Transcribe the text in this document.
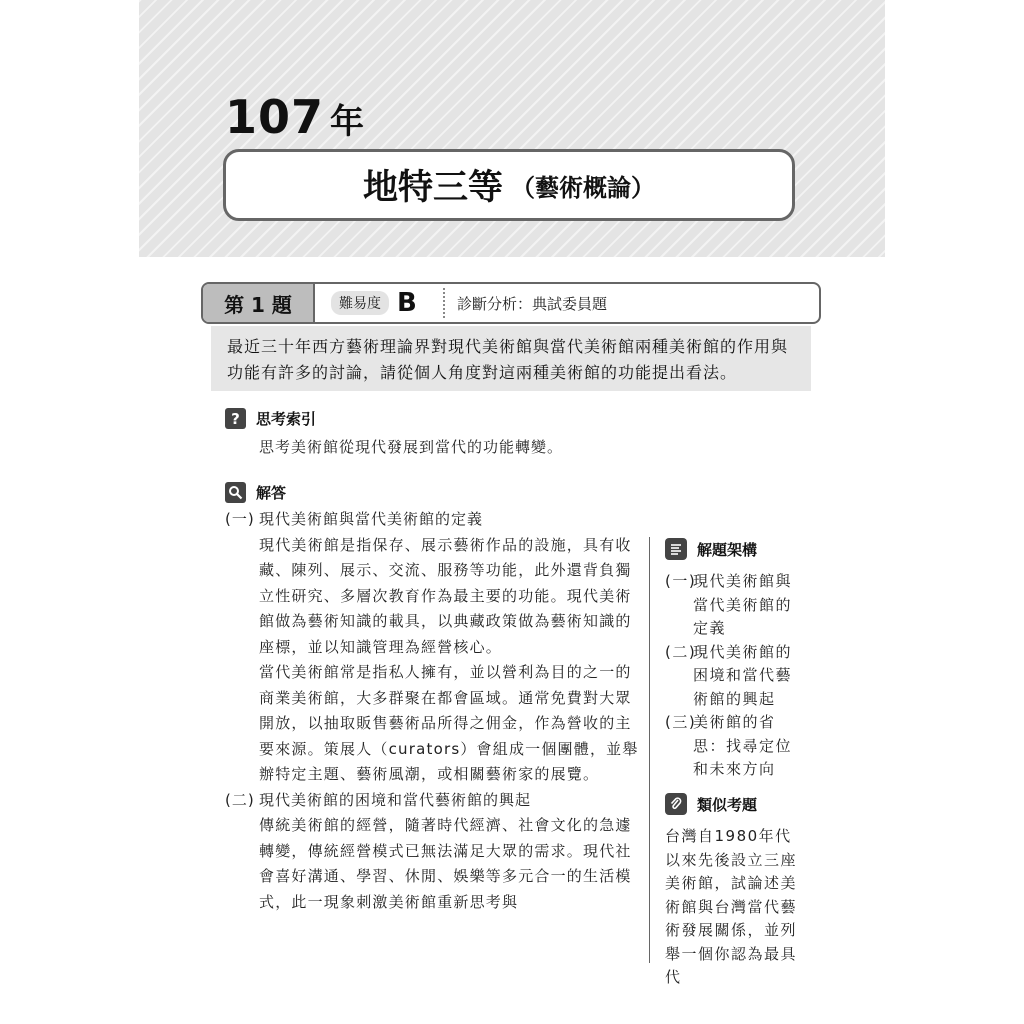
107 年
地特三等 （藝術概論）
第 1 題	難易度 B	診斷分析：典試委員題
最近三十年西方藝術理論界對現代美術館與當代美術館兩種美術館的作用與功能有許多的討論，請從個人角度對這兩種美術館的功能提出看法。
?	思考索引
思考美術館從現代發展到當代的功能轉變。
解答
(一) 現代美術館與當代美術館的定義
現代美術館是指保存、展示藝術作品的設施，具有收藏、陳列、展示、交流、服務等功能，此外還背負獨立性研究、多層次教育作為最主要的功能。現代美術館做為藝術知識的載具，以典藏政策做為藝術知識的座標，並以知識管理為經營核心。
當代美術館常是指私人擁有，並以營利為目的之一的商業美術館，大多群聚在都會區域。通常免費對大眾開放，以抽取販售藝術品所得之佣金，作為營收的主要來源。策展人（curators）會組成一個團體，並舉辦特定主題、藝術風潮，或相關藝術家的展覽。
(二) 現代美術館的困境和當代藝術館的興起
傳統美術館的經營，隨著時代經濟、社會文化的急遽轉變，傳統經營模式已無法滿足大眾的需求。現代社會喜好溝通、學習、休閒、娛樂等多元合一的生活模式，此一現象刺激美術館重新思考與
解題架構
(一)
現代美術館與當代美術館的定義
(二)
現代美術館的困境和當代藝術館的興起
(三)
美術館的省思：找尋定位和未來方向
類似考題
台灣自1980年代以來先後設立三座美術館，試論述美術館與台灣當代藝術發展關係，並列舉一個你認為最具代
